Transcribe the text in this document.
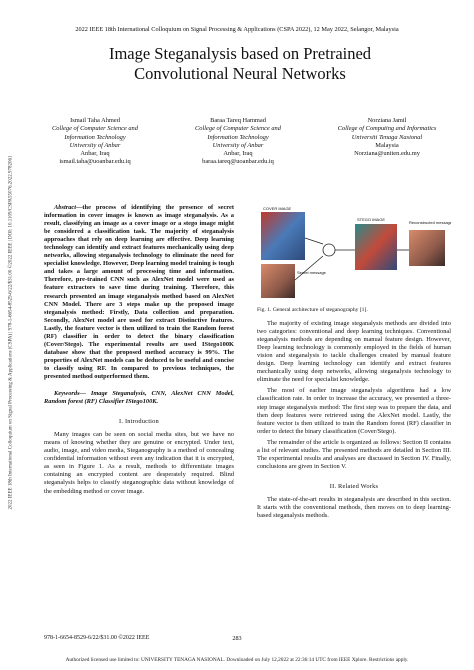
2022 IEEE 18th International Colloquium on Signal Processing & Applications (CSPA 2022), 12 May 2022, Selangor, Malaysia
2022 IEEE 18th International Colloquium on Signal Processing & Applications (CSPA) | 978-1-6654-8529-6/22/$31.00 ©2022 IEEE | DOI: 10.1109/CSPA55076.2022.9782061
Image Steganalysis based on Pretrained
Convolutional Neural Networks
Ismail Taha Ahmed
College of Computer Science and
Information Technology
University of Anbar
Anbar, Iraq
ismail.taha@uoanbar.edu.iq
Baraa Tareq Hammad
College of Computer Science and
Information Technology
University of Anbar
Anbar, Iraq
baraa.tareq@uoanbar.edu.iq
Norziana Jamil
College of Computing and Informatics
Universiti Tenaga Nasional
Malaysia
Norziana@uniten.edu.my

Abstract—the process of identifying the presence of secret information in cover images is known as image steganalysis. As a result, classifying an image as a cover image or a stego image might be considered a classification task. The majority of steganalysis approaches that rely on deep learning are effective. Deep learning technology can identify and extract features mechanically using deep networks, allowing steganalysis technology to eliminate the need for specialist knowledge. However, Deep learning model training is tough and takes a large amount of processing time and information. Therefore, pre-trained CNN such as AlexNet model were used as feature extractors to save time during training. Therefore, this research presented an image steganalysis method based on AlexNet CNN Model. There are 3 steps make up the proposed image steganalysis method: Firstly, Data collection and preparation. Secondly, AlexNet model are used for extract Distinctive features. Lastly, the feature vector is then utilized to train the Random forest (RF) classifier in order to detect the binary classification (Cover/Stego). The experimental results are used IStego100K database show that the proposed method accuracy is 99%. The properties of AlexNet models can be deduced to be useful and concise to classify using RF. In compared to previous techniques, the presented method outperformed them.

Keywords— Image Steganalysis, CNN, AlexNet CNN Model, Random forest (RF) Classifier IStego100K.

I. Introduction

Many images can be seen on social media sites, but we have no means of knowing whether they are genuine or encrypted. Under text, audio, image, and video media, Steganography is a method of concealing confidential information without even any indication that it is encrypted, as seen in Figure 1. As a result, methods to differentiate images containing an encrypted content are desperately required. Blind steganalysis helps to classify steganographic data without knowledge of the embedding method or cover image.

COVER IMAGE
Secret message
STEGO IMAGE
Reconstructed message
Fig. 1. General architecture of steganography [1].

The majority of existing image steganalysis methods are divided into two categories: conventional and deep learning techniques. Conventional steganalysis methods are depending on manual feature design. However, Deep learning technology is commonly employed in the fields of human vision and steganalysis to tackle challenges created by manual feature design. Deep learning technology can identify and extract features mechanically using deep networks, allowing steganalysis technology to eliminate the need for specialist knowledge.

The most of earlier image steganalysis algorithms had a low classification rate. In order to increase the accuracy, we presented a three-step image steganalysis method: The first step was to prepare the data, and then deep features were retrieved using the AlexNet model. Lastly, the feature vector is then utilized to train the Random forest (RF) classifier in order to detect the binary classification (Cover/Stego).

The remainder of the article is organized as follows: Section II contains a list of relevant studies. The presented methods are detailed in Section III. The experimental results and analyses are discussed in Section IV. Finally, conclusions are given in Section V.

II. Related Works

The state-of-the-art results in steganalysis are described in this section. It starts with the conventional methods, then moves on to deep learning-based steganalysis methods.

978-1-6654-8529-6/22/$31.00 ©2022 IEEE	283
Authorized licensed use limited to: UNIVERSITY TENAGA NASIONAL. Downloaded on July 12,2022 at 22:36:14 UTC from IEEE Xplore. Restrictions apply.
